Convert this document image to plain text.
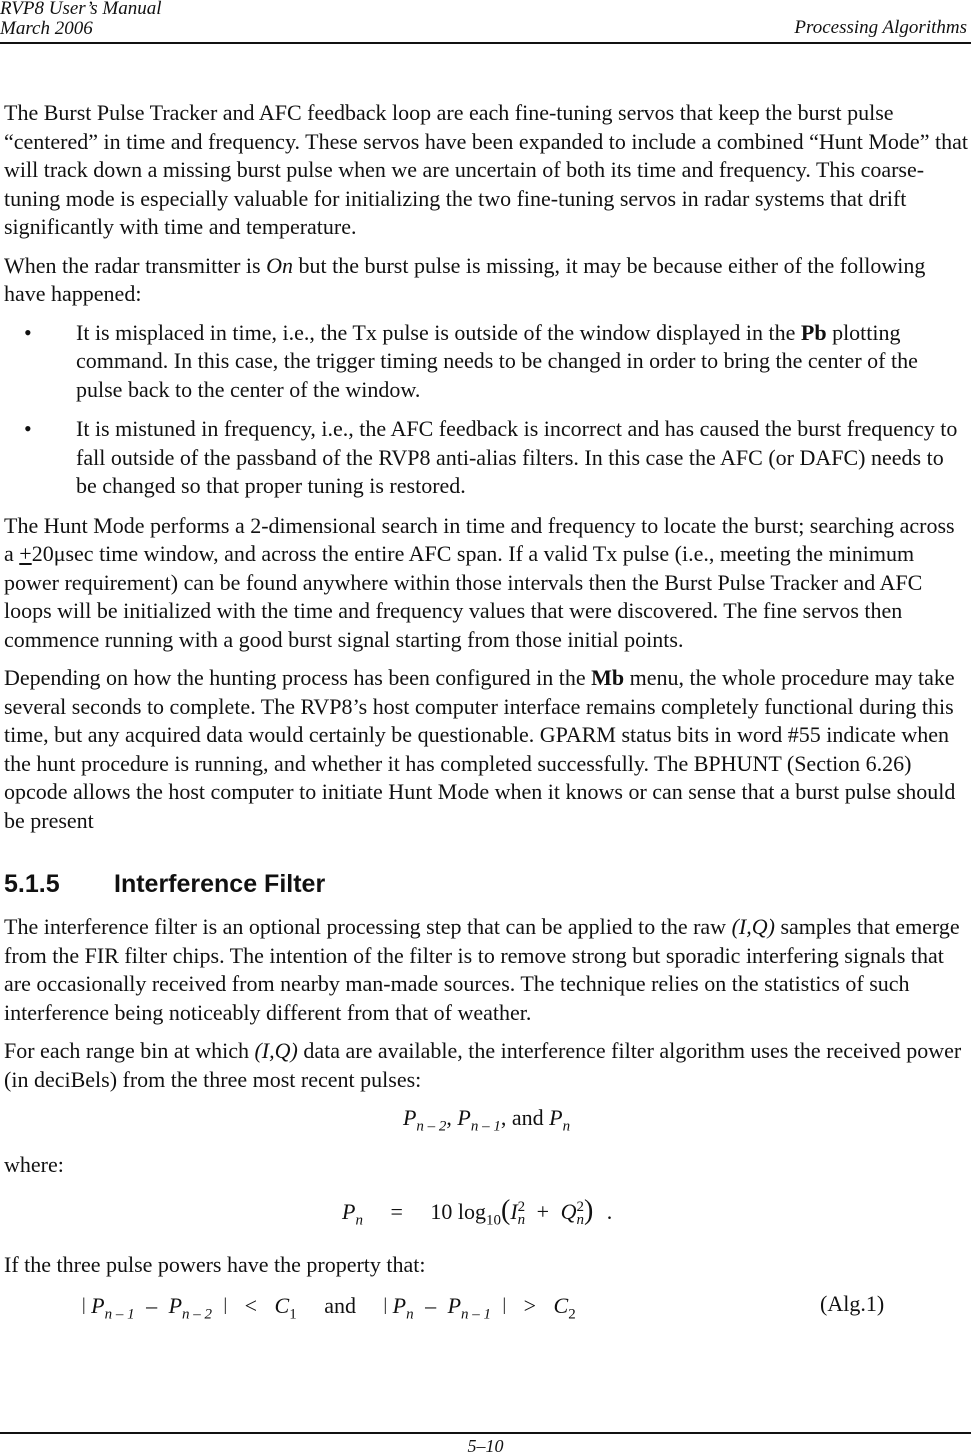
RVP8 User’s Manual
March 2006	Processing Algorithms

The Burst Pulse Tracker and AFC feedback loop are each fine-tuning servos that keep the burst pulse “centered” in time and frequency. These servos have been expanded to include a combined “Hunt Mode” that will track down a missing burst pulse when we are uncertain of both its time and frequency. This coarse-tuning mode is especially valuable for initializing the two fine-tuning servos in radar systems that drift significantly with time and temperature.

When the radar transmitter is On but the burst pulse is missing, it may be because either of the following have happened:

• It is misplaced in time, i.e., the Tx pulse is outside of the window displayed in the Pb plotting command. In this case, the trigger timing needs to be changed in order to bring the center of the pulse back to the center of the window.
• It is mistuned in frequency, i.e., the AFC feedback is incorrect and has caused the burst frequency to fall outside of the passband of the RVP8 anti-alias filters. In this case the AFC (or DAFC) needs to be changed so that proper tuning is restored.

The Hunt Mode performs a 2-dimensional search in time and frequency to locate the burst; searching across a +20μsec time window, and across the entire AFC span. If a valid Tx pulse (i.e., meeting the minimum power requirement) can be found anywhere within those intervals then the Burst Pulse Tracker and AFC loops will be initialized with the time and frequency values that were discovered. The fine servos then commence running with a good burst signal starting from those initial points.

Depending on how the hunting process has been configured in the Mb menu, the whole procedure may take several seconds to complete. The RVP8’s host computer interface remains completely functional during this time, but any acquired data would certainly be questionable. GPARM status bits in word #55 indicate when the hunt procedure is running, and whether it has completed successfully. The BPHUNT (Section 6.26) opcode allows the host computer to initiate Hunt Mode when it knows or can sense that a burst pulse should be present

5.1.5 Interference Filter

The interference filter is an optional processing step that can be applied to the raw (I,Q) samples that emerge from the FIR filter chips. The intention of the filter is to remove strong but sporadic interfering signals that are occasionally received from nearby man-made sources. The technique relies on the statistics of such interference being noticeably different from that of weather.

For each range bin at which (I,Q) data are available, the interference filter algorithm uses the received power (in deciBels) from the three most recent pulses:

$P_{n - 2}$, $P_{n - 1}$, and $P_n$

where:

$P_n = 10$ $\log_{10}(I$ 2
n + Q 2
n ) .

If the three pulse powers have the property that:

| $P_{n - 1} - P_{n - 2}$ | < $C_1$ and | $P_n - P_{n - 1}$ | > $C_2$	(Alg.1)
5–10
